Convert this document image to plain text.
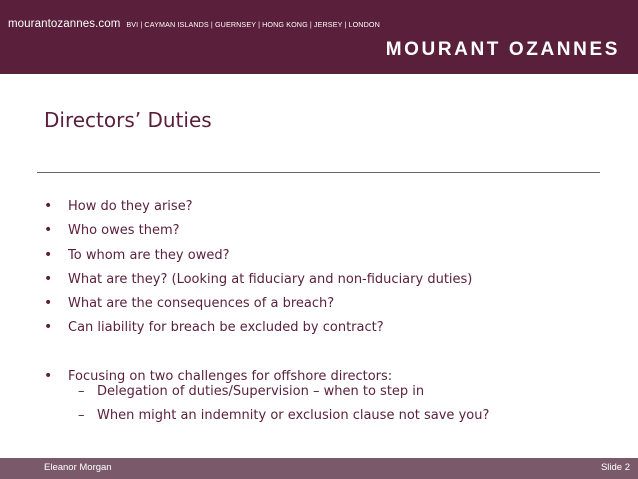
mourantozannes.com BVI | CAYMAN ISLANDS | GUERNSEY | HONG KONG | JERSEY | LONDON
MOURANT OZANNES
Directors’ Duties
• How do they arise?
• Who owes them?
• To whom are they owed?
• What are they? (Looking at fiduciary and non-fiduciary duties)
• What are the consequences of a breach?
• Can liability for breach be excluded by contract?
• Focusing on two challenges for offshore directors:
– Delegation of duties/Supervision – when to step in
– When might an indemnity or exclusion clause not save you?
Eleanor Morgan	Slide 2
